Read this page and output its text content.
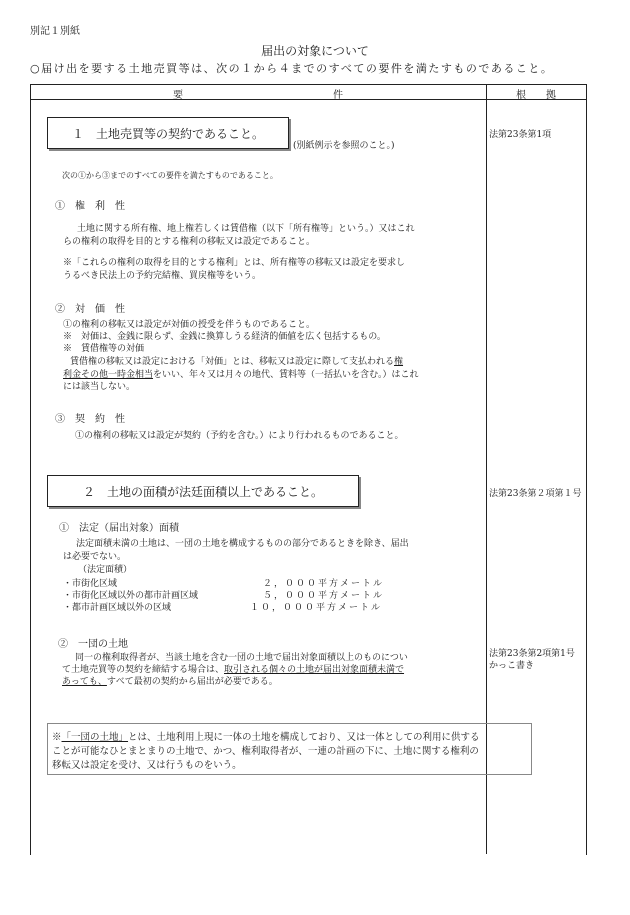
別記１別紙
届出の対象について
○届け出を要する土地売買等は、次の１から４までのすべての要件を満たすものであること。
要	件	根　　拠
１　土地売買等の契約であること。
(別紙例示を参照のこと。)
法第23条第1項
次の①から③までのすべての要件を満たすものであること。
①　権　利　性
土地に関する所有権、地上権若しくは賃借権（以下「所有権等」という。）又はこれ
らの権利の取得を目的とする権利の移転又は設定であること。
※「これらの権利の取得を目的とする権利」とは、所有権等の移転又は設定を要求し
うるべき民法上の予約完結権、買戻権等をいう。
②　対　価　性
①の権利の移転又は設定が対価の授受を伴うものであること。
※　対価は、金銭に限らず、金銭に換算しうる経済的価値を広く包括するもの。
※　賃借権等の対価
賃借権の移転又は設定における「対価」とは、移転又は設定に際して支払われる権
利金その他一時金相当をいい、年々又は月々の地代、賃料等（一括払いを含む。）はこれ
には該当しない。
③　契　約　性
①の権利の移転又は設定が契約（予約を含む。）により行われるものであること。
２　土地の面積が法廷面積以上であること。	法第23条第２項第１号
①　法定（届出対象）面積
法定面積未満の土地は、一団の土地を構成するものの部分であるときを除き、届出
は必要でない。
（法定面積）
・市街化区域	２，０００平方メートル
・市街化区域以外の都市計画区域	５，０００平方メートル
・都市計画区域以外の区域	１０，０００平方メートル
②　一団の土地
同一の権利取得者が、当該土地を含む一団の土地で届出対象面積以上のものについ
て土地売買等の契約を締結する場合は、取引される個々の土地が届出対象面積未満で
あっても、すべて最初の契約から届出が必要である。
法第23条第2項第1号
かっこ書き
※「一団の土地」とは、土地利用上現に一体の土地を構成しており、又は一体としての利用に供する
ことが可能なひとまとまりの土地で、かつ、権利取得者が、一連の計画の下に、土地に関する権利の
移転又は設定を受け、又は行うものをいう。
